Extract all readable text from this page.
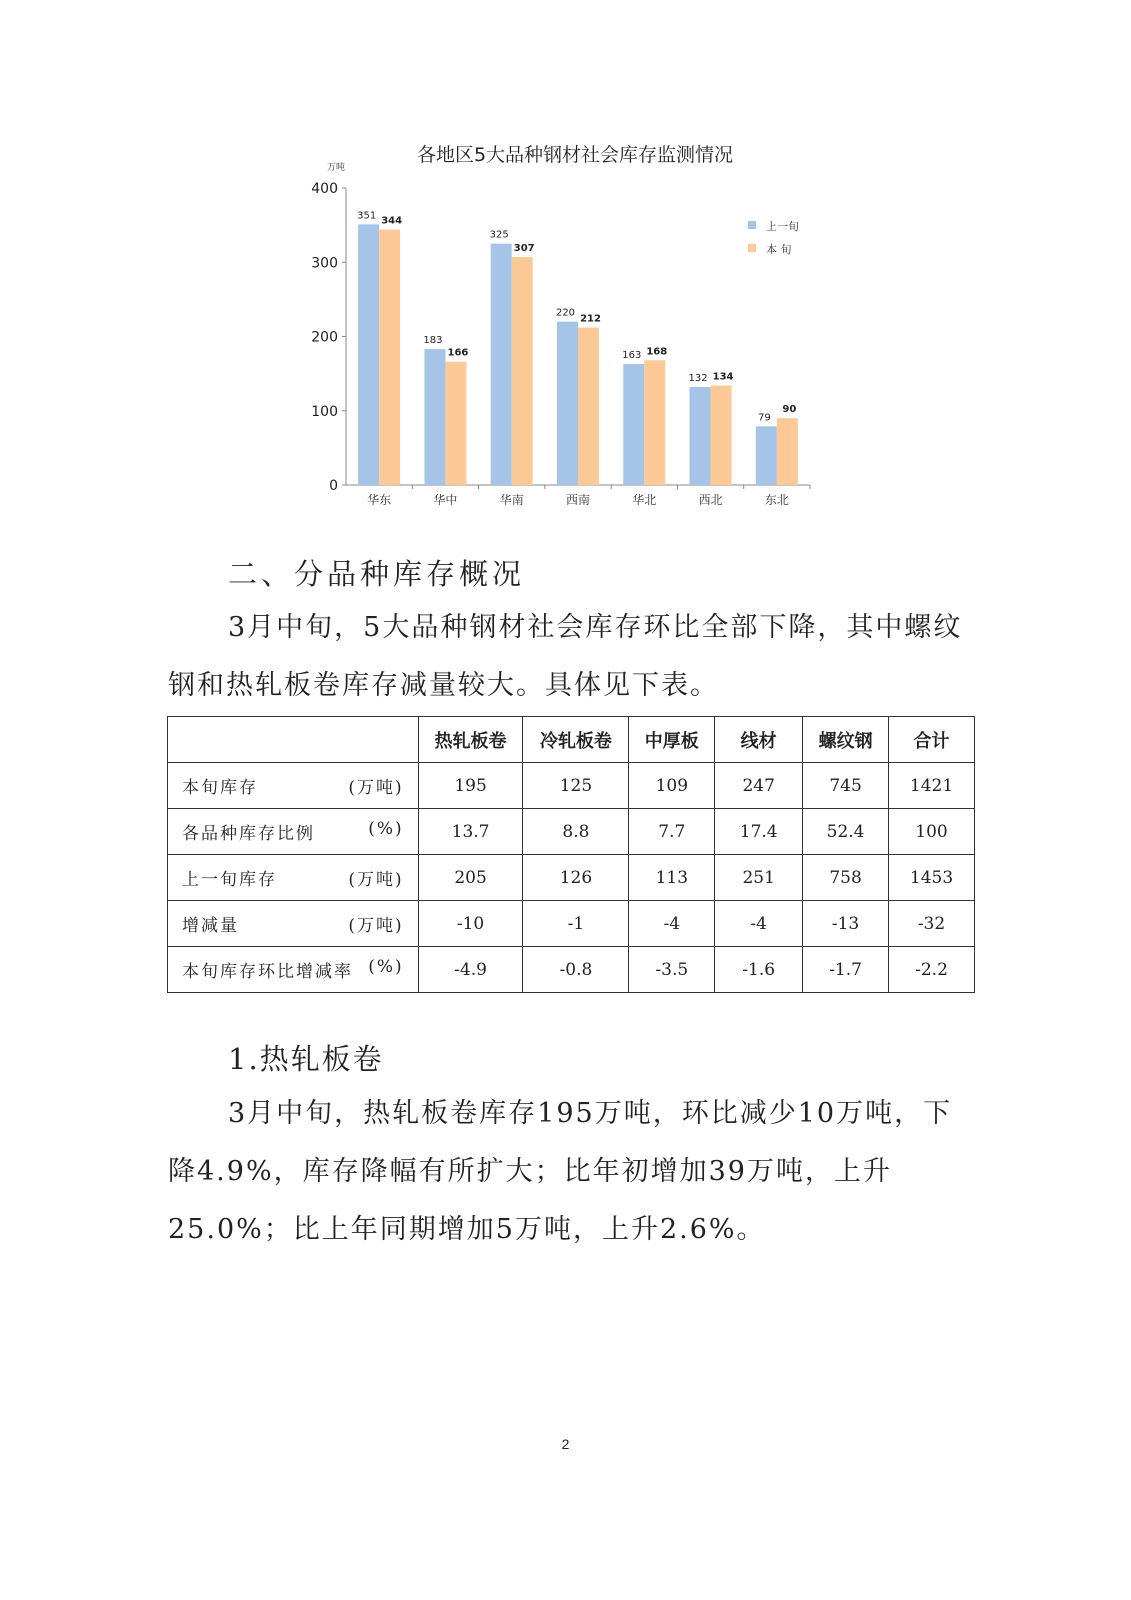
各地区5大品种钢材社会库存监测情况
万吨
0
100
200
300
400
华东	华中	华南	西南	华北	西北	东北
351 344
183
166
325
307
220
212
163 168
132 134
79
90
上一旬
本 旬
二、分品种库存概况

3月中旬，5大品种钢材社会库存环比全部下降，其中螺纹钢和热轧板卷库存减量较大。具体见下表。

	热轧板卷	冷轧板卷	中厚板	线材	螺纹钢	合计

本旬库存 (万吨)	195	125	109	247	745	1421

各品种库存比例 (%)	13.7	8.8	7.7	17.4	52.4	100

上一旬库存 (万吨)	205	126	113	251	758	1453

增减量 (万吨)	-10	-1	-4	-4	-13	-32

本旬库存环比增减率 (%)	-4.9	-0.8	-3.5	-1.6	-1.7	-2.2
1.热轧板卷

3月中旬，热轧板卷库存195万吨，环比减少10万吨，下降4.9%，库存降幅有所扩大；比年初增加39万吨，上升25.0%；比上年同期增加5万吨，上升2.6%。

2
